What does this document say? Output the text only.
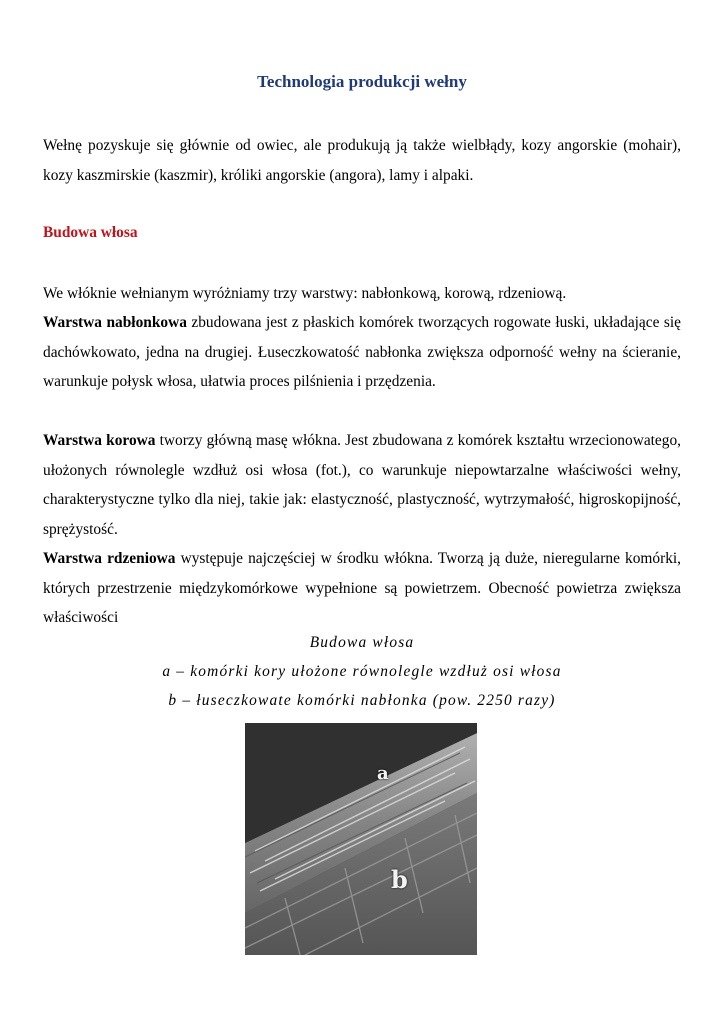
Technologia produkcji wełny

Wełnę pozyskuje się głównie od owiec, ale produkują ją także wielbłądy, kozy angorskie (mohair), kozy kaszmirskie (kaszmir), króliki angorskie (angora), lamy i alpaki.

Budowa włosa

We włóknie wełnianym wyróżniamy trzy warstwy: nabłonkową, korową, rdzeniową.

Warstwa nabłonkowa zbudowana jest z płaskich komórek tworzących rogowate łuski, układające się dachówkowato, jedna na drugiej. Łuseczkowatość nabłonka zwiększa odporność wełny na ścieranie, warunkuje połysk włosa, ułatwia proces pilśnienia i przędzenia.

Warstwa korowa tworzy główną masę włókna. Jest zbudowana z komórek kształtu wrzecionowatego, ułożonych równolegle wzdłuż osi włosa (fot.), co warunkuje niepowtarzalne właściwości wełny, charakterystyczne tylko dla niej, takie jak: elastyczność, plastyczność, wytrzymałość, higroskopijność, sprężystość.

Warstwa rdzeniowa występuje najczęściej w środku włókna. Tworzą ją duże, nieregularne komórki, których przestrzenie międzykomórkowe wypełnione są powietrzem. Obecność powietrza zwiększa właściwości

Budowa włosa

a – komórki kory ułożone równolegle wzdłuż osi włosa

b – łuseczkowate komórki nabłonka (pow. 2250 razy)

a
b
